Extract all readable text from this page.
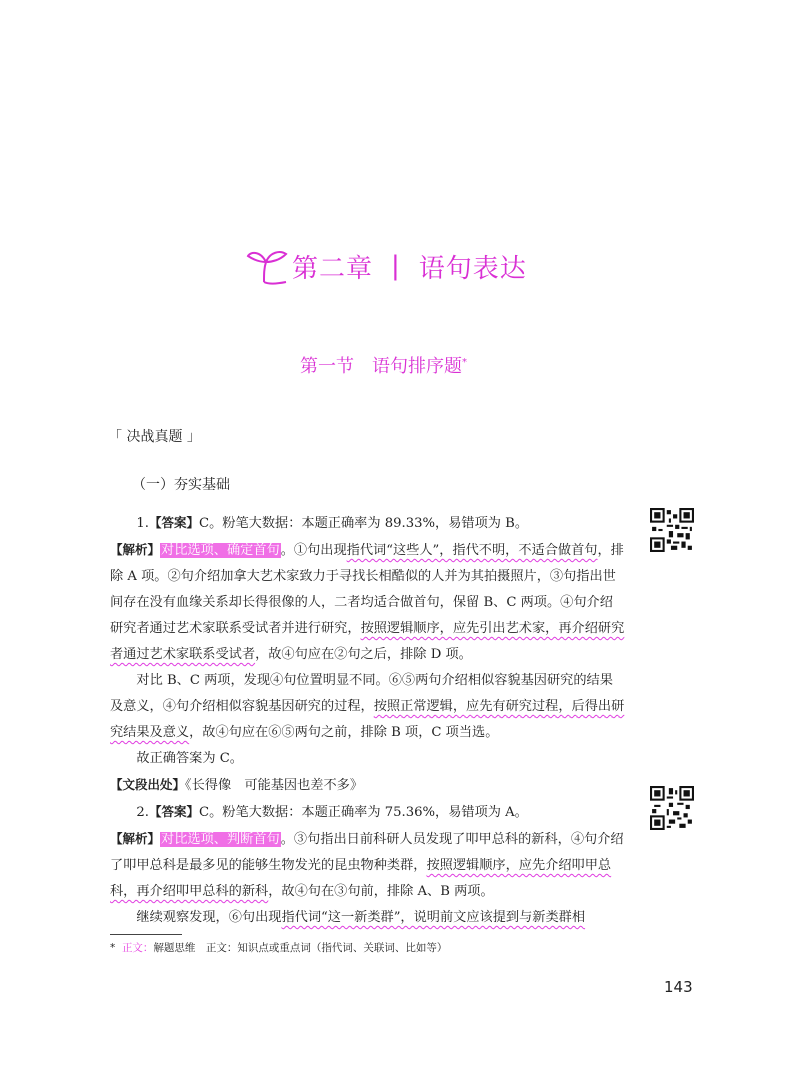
第二章 | 语句表达
第一节　语句排序题*
「 决战真题 」
（一）夯实基础

1.【答案】C。粉笔大数据：本题正确率为 89.33%，易错项为 B。

【解析】对比选项、确定首句。①句出现指代词“这些人”，指代不明，不适合做首句，排除 A 项。②句介绍加拿大艺术家致力于寻找长相酷似的人并为其拍摄照片，③句指出世间存在没有血缘关系却长得很像的人，二者均适合做首句，保留 B、C 两项。④句介绍研究者通过艺术家联系受试者并进行研究，按照逻辑顺序，应先引出艺术家，再介绍研究者通过艺术家联系受试者，故④句应在②句之后，排除 D 项。

对比 B、C 两项，发现④句位置明显不同。⑥⑤两句介绍相似容貌基因研究的结果及意义，④句介绍相似容貌基因研究的过程，按照正常逻辑，应先有研究过程，后得出研究结果及意义，故④句应在⑥⑤两句之前，排除 B 项，C 项当选。

故正确答案为 C。

【文段出处】《长得像　可能基因也差不多》

2.【答案】C。粉笔大数据：本题正确率为 75.36%，易错项为 A。

【解析】对比选项、判断首句。③句指出日前科研人员发现了叩甲总科的新科，④句介绍了叩甲总科是最多见的能够生物发光的昆虫物种类群，按照逻辑顺序，应先介绍叩甲总科，再介绍叩甲总科的新科，故④句在③句前，排除 A、B 两项。

继续观察发现，⑥句出现指代词“这一新类群”，说明前文应该提到与新类群相

* 正文：解题思维　正文：知识点或重点词（指代词、关联词、比如等）
143
